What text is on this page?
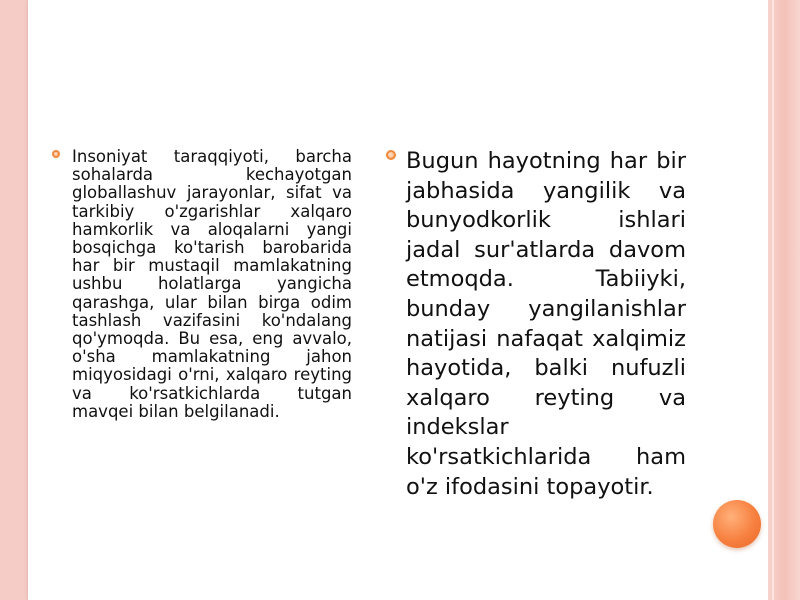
Insoniyat taraqqiyoti, barcha sohalarda kechayotgan globallashuv jarayonlar, sifat va tarkibiy o'zgarishlar xalqaro hamkorlik va aloqalarni yangi bosqichga ko'tarish barobarida har bir mustaqil mamlakatning ushbu holatlarga yangicha qarashga, ular bilan birga odim tashlash vazifasini ko'ndalang qo'ymoqda. Bu esa, eng avvalo, o'sha mamlakatning jahon miqyosidagi o'rni, xalqaro reyting va ko'rsatkichlarda tutgan mavqei bilan belgilanadi.
Bugun hayotning har bir jabhasida yangilik va bunyodkorlik ishlari jadal sur'atlarda davom etmoqda. Tabiiyki, bunday yangilanishlar natijasi nafaqat xalqimiz hayotida, balki nufuzli xalqaro reyting va indekslar ko'rsatkichlarida ham o'z ifodasini topayotir.
